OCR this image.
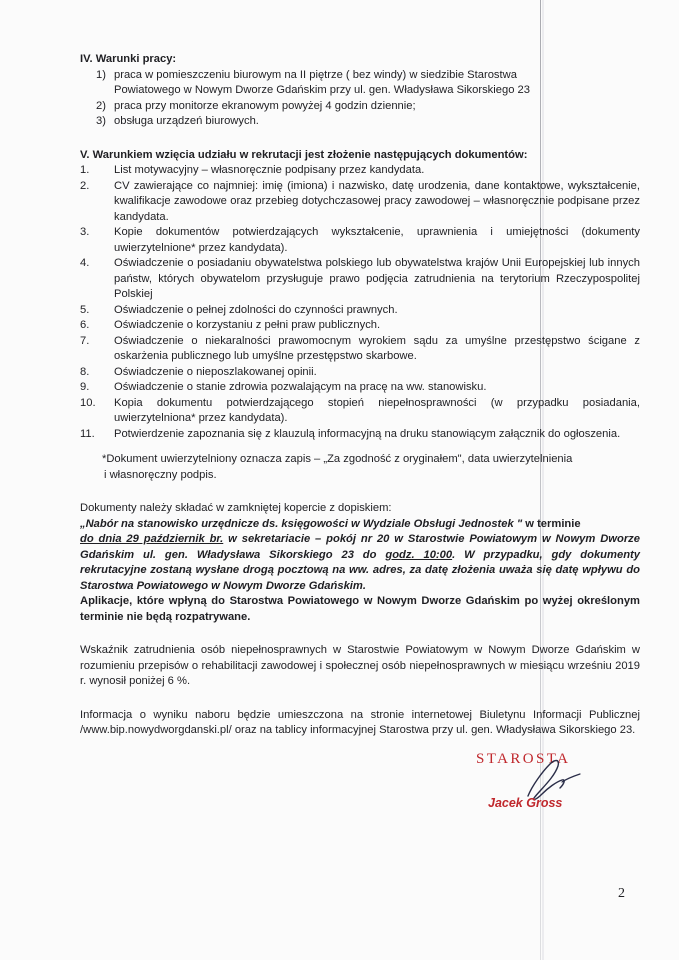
IV. Warunki pracy:

1) praca w pomieszczeniu biurowym na II piętrze ( bez windy) w siedzibie Starostwa
Powiatowego w Nowym Dworze Gdańskim przy ul. gen. Władysława Sikorskiego 23
2) praca przy monitorze ekranowym powyżej 4 godzin dziennie;
3) obsługa urządzeń biurowych.

V. Warunkiem wzięcia udziału w rekrutacji jest złożenie następujących dokumentów:

1. List motywacyjny – własnoręcznie podpisany przez kandydata.
2. CV zawierające co najmniej: imię (imiona) i nazwisko, datę urodzenia, dane kontaktowe, wykształcenie, kwalifikacje zawodowe oraz przebieg dotychczasowej pracy zawodowej – własnoręcznie podpisane przez kandydata.
3. Kopie dokumentów potwierdzających wykształcenie, uprawnienia i umiejętności (dokumenty uwierzytelnione* przez kandydata).
4. Oświadczenie o posiadaniu obywatelstwa polskiego lub obywatelstwa krajów Unii Europejskiej lub innych państw, których obywatelom przysługuje prawo podjęcia zatrudnienia na terytorium Rzeczypospolitej Polskiej
5. Oświadczenie o pełnej zdolności do czynności prawnych.
6. Oświadczenie o korzystaniu z pełni praw publicznych.
7. Oświadczenie o niekaralności prawomocnym wyrokiem sądu za umyślne przestępstwo ścigane z oskarżenia publicznego lub umyślne przestępstwo skarbowe.
8. Oświadczenie o nieposzlakowanej opinii.
9. Oświadczenie o stanie zdrowia pozwalającym na pracę na ww. stanowisku.
10. Kopia dokumentu potwierdzającego stopień niepełnosprawności (w przypadku posiadania, uwierzytelniona* przez kandydata).
11. Potwierdzenie zapoznania się z klauzulą informacyjną na druku stanowiącym załącznik do ogłoszenia.
*Dokument uwierzytelniony oznacza zapis – „Za zgodność z oryginałem", data uwierzytelnienia
i własnoręczny podpis.
Dokumenty należy składać w zamkniętej kopercie z dopiskiem:
„Nabór na stanowisko urzędnicze ds. księgowości w Wydziale Obsługi Jednostek " w terminie
do dnia 29 październik br. w sekretariacie – pokój nr 20 w Starostwie Powiatowym w Nowym Dworze Gdańskim ul. gen. Władysława Sikorskiego 23 do godz. 10:00. W przypadku, gdy dokumenty rekrutacyjne zostaną wysłane drogą pocztową na ww. adres, za datę złożenia uważa się datę wpływu do Starostwa Powiatowego w Nowym Dworze Gdańskim.
Aplikacje, które wpłyną do Starostwa Powiatowego w Nowym Dworze Gdańskim po wyżej określonym terminie nie będą rozpatrywane.
Wskaźnik zatrudnienia osób niepełnosprawnych w Starostwie Powiatowym w Nowym Dworze Gdańskim w rozumieniu przepisów o rehabilitacji zawodowej i społecznej osób niepełnosprawnych w miesiącu wrześniu 2019 r. wynosił poniżej 6 %.
Informacja o wyniku naboru będzie umieszczona na stronie internetowej Biuletynu Informacji Publicznej /www.bip.nowydworgdanski.pl/ oraz na tablicy informacyjnej Starostwa przy ul. gen. Władysława Sikorskiego 23.
STAROSTA
Jacek Gross
2
